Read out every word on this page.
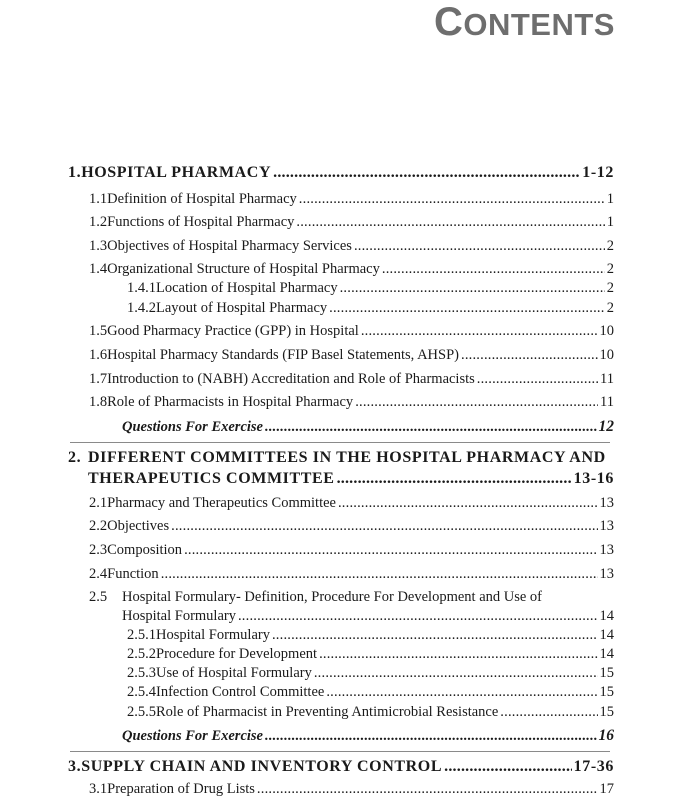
CONTENTS
1. HOSPITAL PHARMACY .....	1-12
1.1 Definition of Hospital Pharmacy .....	1
1.2 Functions of Hospital Pharmacy .....	1
1.3 Objectives of Hospital Pharmacy Services .....	2
1.4 Organizational Structure of Hospital Pharmacy .....	2
1.4.1 Location of Hospital Pharmacy .....	2
1.4.2 Layout of Hospital Pharmacy .....	2
1.5 Good Pharmacy Practice (GPP) in Hospital .....	10
1.6 Hospital Pharmacy Standards (FIP Basel Statements, AHSP) .....	10
1.7 Introduction to (NABH) Accreditation and Role of Pharmacists .....	11
1.8 Role of Pharmacists in Hospital Pharmacy .....	11
Questions For Exercise .....	12
2. DIFFERENT COMMITTEES IN THE HOSPITAL PHARMACY AND
THERAPEUTICS COMMITTEE .....	13-16
2.1 Pharmacy and Therapeutics Committee .....	13
2.2 Objectives .....	13
2.3 Composition .....	13
2.4 Function .....	13
2.5 Hospital Formulary- Definition, Procedure For Development and Use of
Hospital Formulary .....	14
2.5.1 Hospital Formulary .....	14
2.5.2 Procedure for Development .....	14
2.5.3 Use of Hospital Formulary .....	15
2.5.4 Infection Control Committee .....	15
2.5.5 Role of Pharmacist in Preventing Antimicrobial Resistance .....	15
Questions For Exercise .....	16
3. SUPPLY CHAIN AND INVENTORY CONTROL .....	17-36
3.1 Preparation of Drug Lists .....	17
